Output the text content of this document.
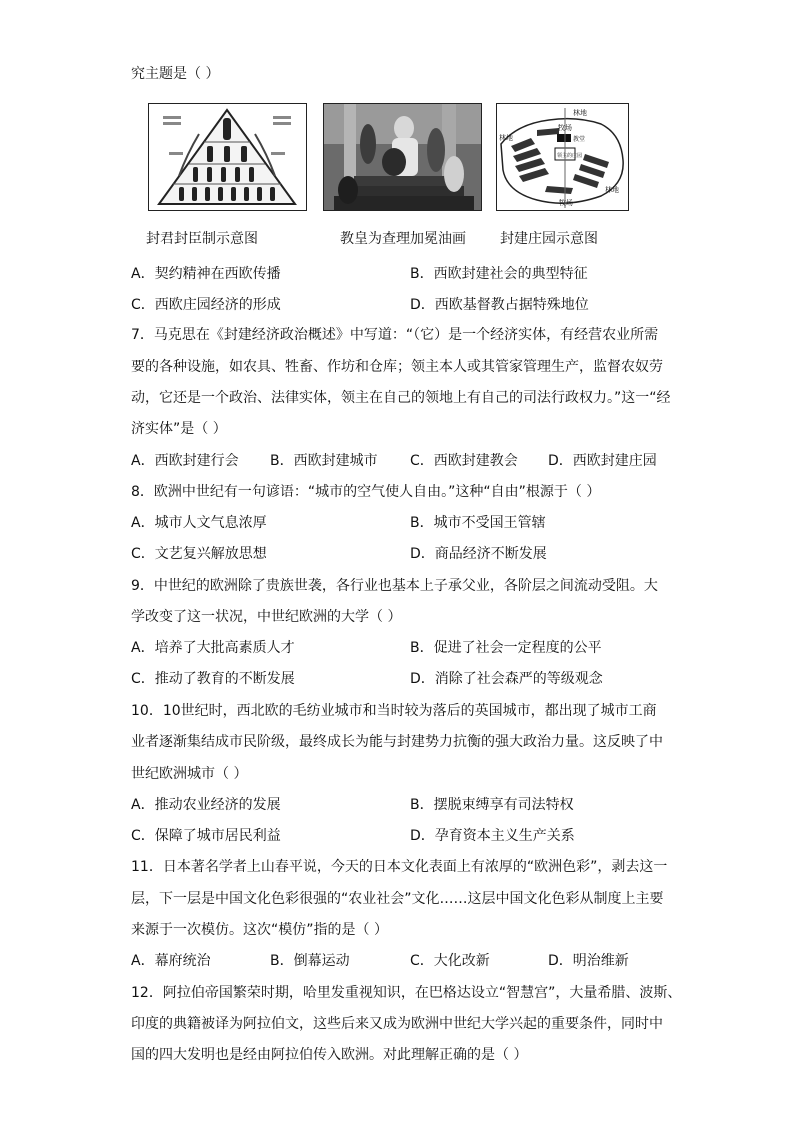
究主题是（ ）
林地
牧场
教堂
领主的庄园
林地
林地
牧场
封君封臣制示意图	教皇为查理加冕油画 封建庄园示意图
A．契约精神在西欧传播	B．西欧封建社会的典型特征
C．西欧庄园经济的形成	D．西欧基督教占据特殊地位
7．马克思在《封建经济政治概述》中写道：“（它）是一个经济实体，有经营农业所需
要的各种设施，如农具、牲畜、作坊和仓库；领主本人或其管家管理生产，监督农奴劳
动，它还是一个政治、法律实体，领主在自己的领地上有自己的司法行政权力。”这一“经
济实体”是（ ）
A．西欧封建行会 B．西欧封建城市 C．西欧封建教会 D．西欧封建庄园
8．欧洲中世纪有一句谚语：“城市的空气使人自由。”这种“自由”根源于（ ）
A．城市人文气息浓厚	B．城市不受国王管辖
C．文艺复兴解放思想	D．商品经济不断发展
9．中世纪的欧洲除了贵族世袭，各行业也基本上子承父业，各阶层之间流动受阻。大
学改变了这一状况，中世纪欧洲的大学（ ）
A．培养了大批高素质人才	B．促进了社会一定程度的公平
C．推动了教育的不断发展	D．消除了社会森严的等级观念
10．10世纪时，西北欧的毛纺业城市和当时较为落后的英国城市，都出现了城市工商
业者逐渐集结成市民阶级，最终成长为能与封建势力抗衡的强大政治力量。这反映了中
世纪欧洲城市（ ）
A．推动农业经济的发展	B．摆脱束缚享有司法特权
C．保障了城市居民利益	D．孕育资本主义生产关系
11．日本著名学者上山春平说，今天的日本文化表面上有浓厚的“欧洲色彩”，剥去这一
层，下一层是中国文化色彩很强的“农业社会”文化……这层中国文化色彩从制度上主要
来源于一次模仿。这次“模仿”指的是（ ）
A．幕府统治	B．倒幕运动	C．大化改新	D．明治维新
12．阿拉伯帝国繁荣时期，哈里发重视知识，在巴格达设立“智慧宫”，大量希腊、波斯、
印度的典籍被译为阿拉伯文，这些后来又成为欧洲中世纪大学兴起的重要条件，同时中
国的四大发明也是经由阿拉伯传入欧洲。对此理解正确的是（ ）
